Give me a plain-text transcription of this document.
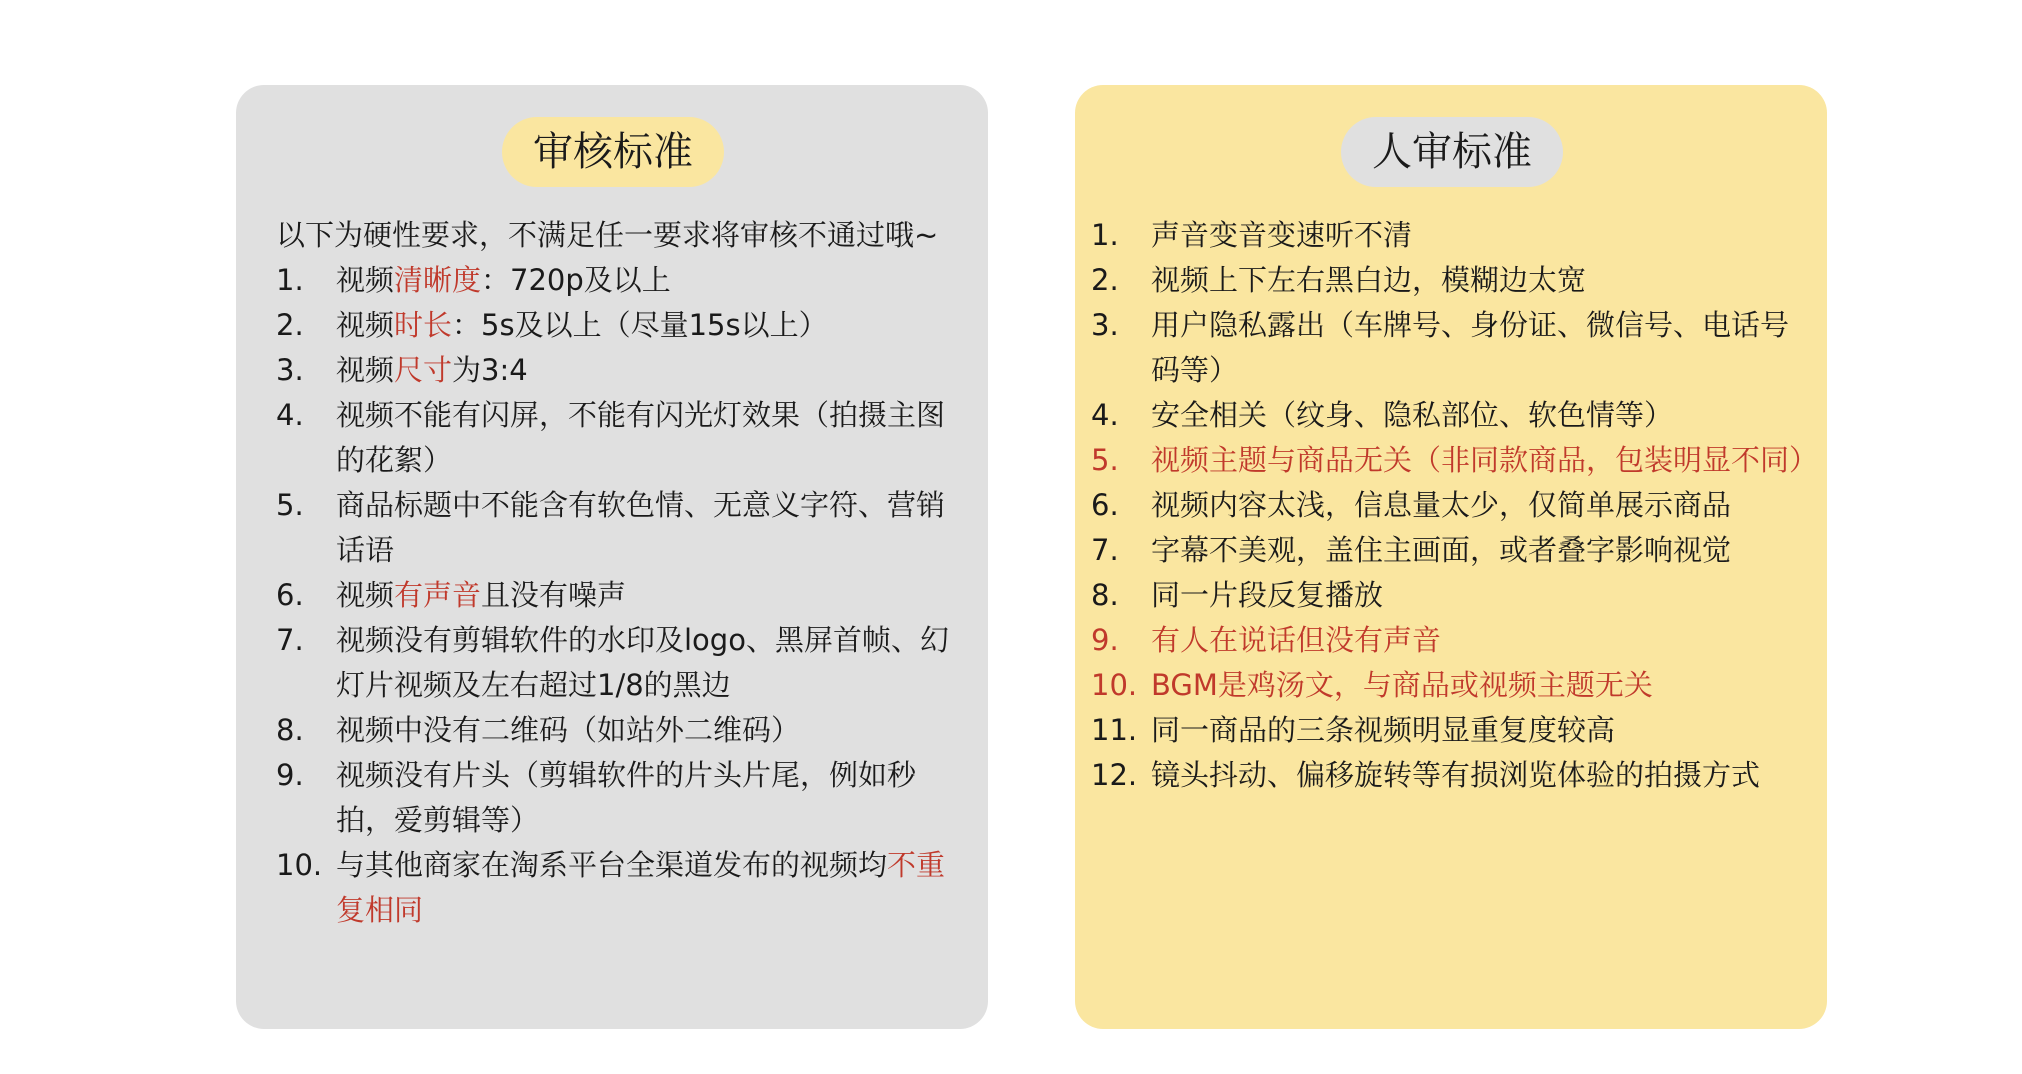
审核标准

以下为硬性要求，不满足任一要求将审核不通过哦~

1. 视频清晰度：720p及以上
2. 视频时长：5s及以上（尽量15s以上）
3. 视频尺寸为3:4
4. 视频不能有闪屏，不能有闪光灯效果（拍摄主图的花絮）
5. 商品标题中不能含有软色情、无意义字符、营销话语
6. 视频有声音且没有噪声
7. 视频没有剪辑软件的水印及logo、黑屏首帧、幻灯片视频及左右超过1/8的黑边
8. 视频中没有二维码（如站外二维码）
9. 视频没有片头（剪辑软件的片头片尾，例如秒拍，爱剪辑等）
10. 与其他商家在淘系平台全渠道发布的视频均不重复相同
人审标准
1. 声音变音变速听不清
2. 视频上下左右黑白边，模糊边太宽
3. 用户隐私露出（车牌号、身份证、微信号、电话号码等）
4. 安全相关（纹身、隐私部位、软色情等）
5. 视频主题与商品无关（非同款商品，包装明显不同）
6. 视频内容太浅，信息量太少，仅简单展示商品
7. 字幕不美观，盖住主画面，或者叠字影响视觉
8. 同一片段反复播放
9. 有人在说话但没有声音
10. BGM是鸡汤文，与商品或视频主题无关
11. 同一商品的三条视频明显重复度较高
12. 镜头抖动、偏移旋转等有损浏览体验的拍摄方式
